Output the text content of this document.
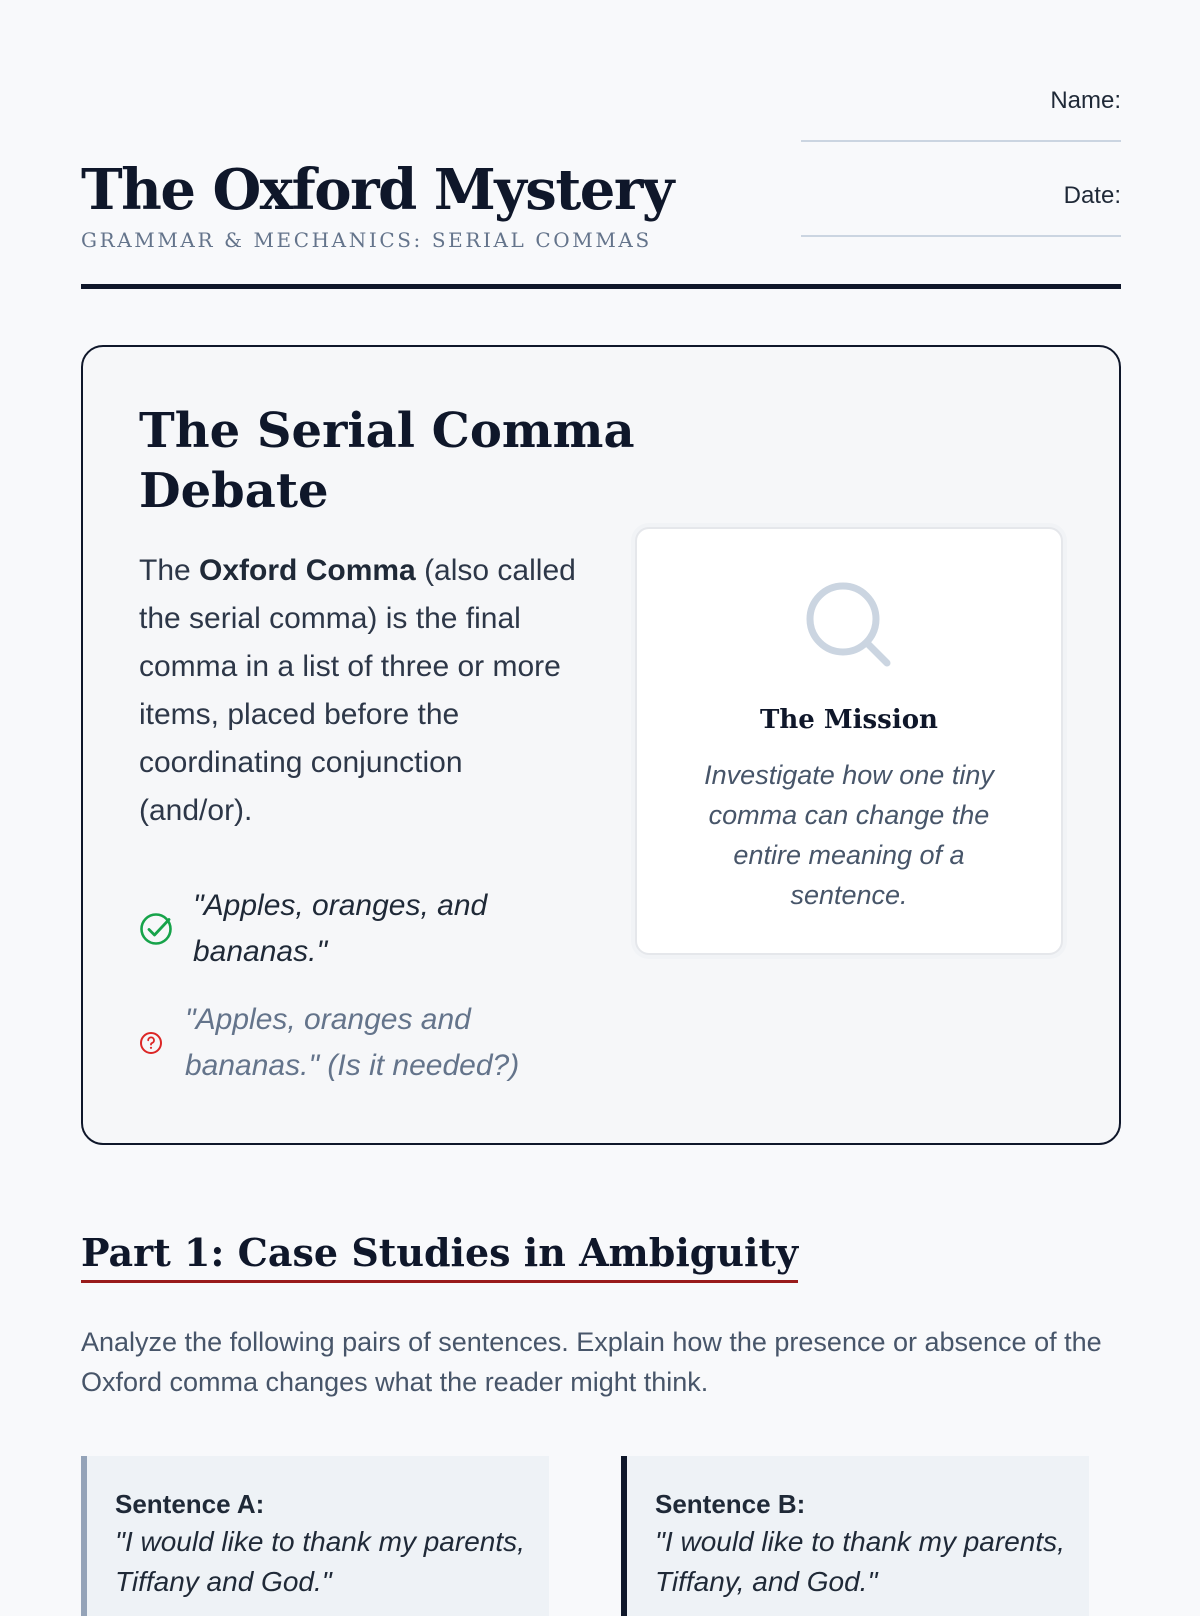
The Oxford Mystery
GRAMMAR & MECHANICS: SERIAL COMMAS
Name:
Date:
The Serial Comma Debate

The Oxford Comma (also called the serial comma) is the final comma in a list of three or more items, placed before the coordinating conjunction (and/or).

"Apples, oranges, and bananas."
"Apples, oranges and bananas." (Is it needed?)
The Mission
Investigate how one tiny comma can change the entire meaning of a sentence.
Part 1: Case Studies in Ambiguity

Analyze the following pairs of sentences. Explain how the presence or absence of the Oxford comma changes what the reader might think.

Sentence A:
"I would like to thank my parents, Tiffany and God."
Sentence B:
"I would like to thank my parents, Tiffany, and God."
